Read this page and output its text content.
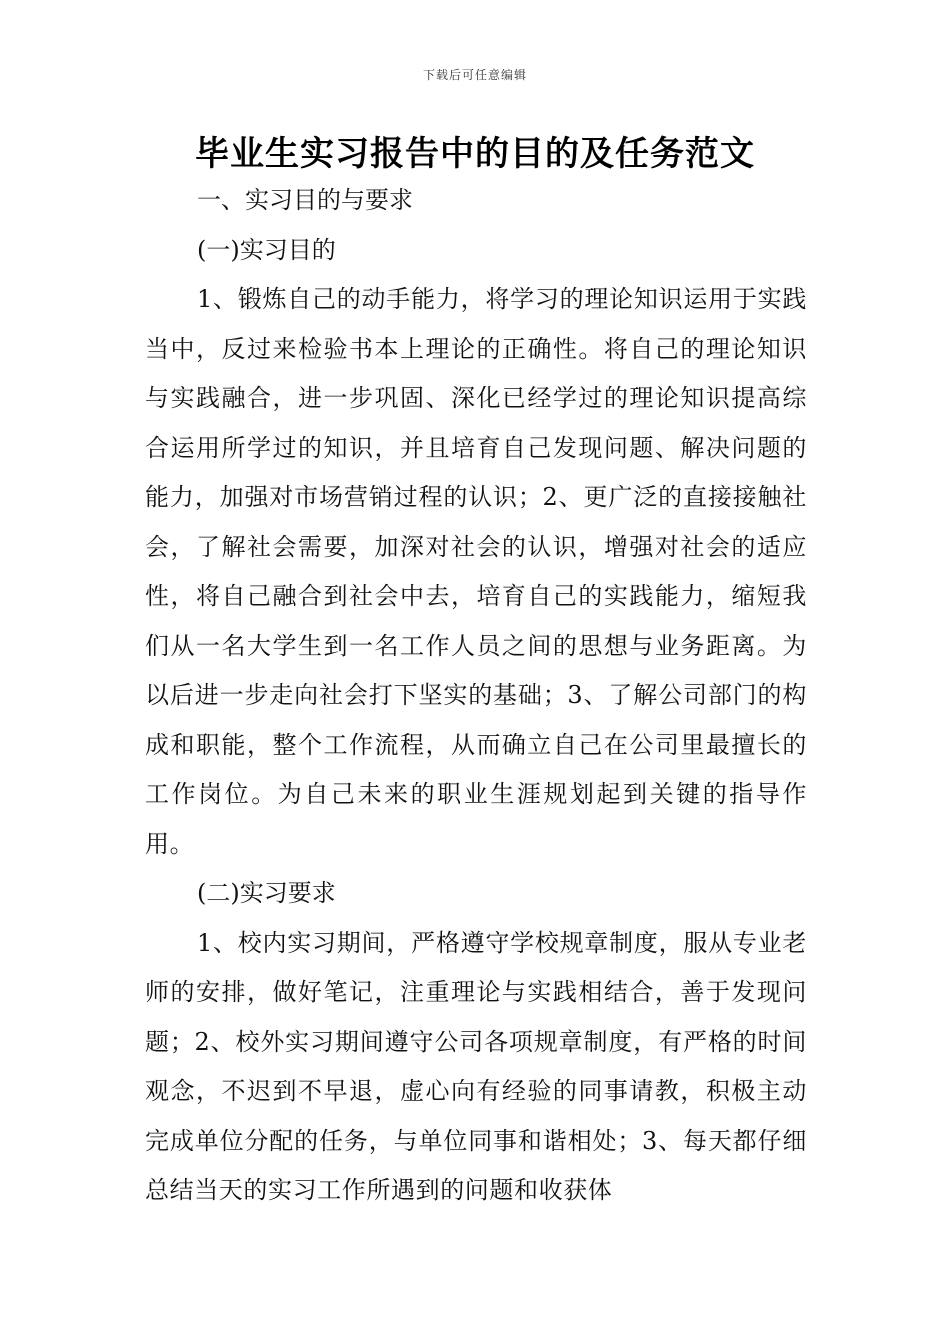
下载后可任意编辑
毕业生实习报告中的目的及任务范文

一、实习目的与要求

(一)实习目的

1、锻炼自己的动手能力，将学习的理论知识运用于实践当中，反过来检验书本上理论的正确性。将自己的理论知识与实践融合，进一步巩固、深化已经学过的理论知识提高综合运用所学过的知识，并且培育自己发现问题、解决问题的能力，加强对市场营销过程的认识；2、更广泛的直接接触社会，了解社会需要，加深对社会的认识，增强对社会的适应性，将自己融合到社会中去，培育自己的实践能力，缩短我们从一名大学生到一名工作人员之间的思想与业务距离。为以后进一步走向社会打下坚实的基础；3、了解公司部门的构成和职能，整个工作流程，从而确立自己在公司里最擅长的工作岗位。为自己未来的职业生涯规划起到关键的指导作用。

(二)实习要求

1、校内实习期间，严格遵守学校规章制度，服从专业老师的安排，做好笔记，注重理论与实践相结合，善于发现问题；2、校外实习期间遵守公司各项规章制度，有严格的时间观念，不迟到不早退，虚心向有经验的同事请教，积极主动完成单位分配的任务，与单位同事和谐相处；3、每天都仔细总结当天的实习工作所遇到的问题和收获体
